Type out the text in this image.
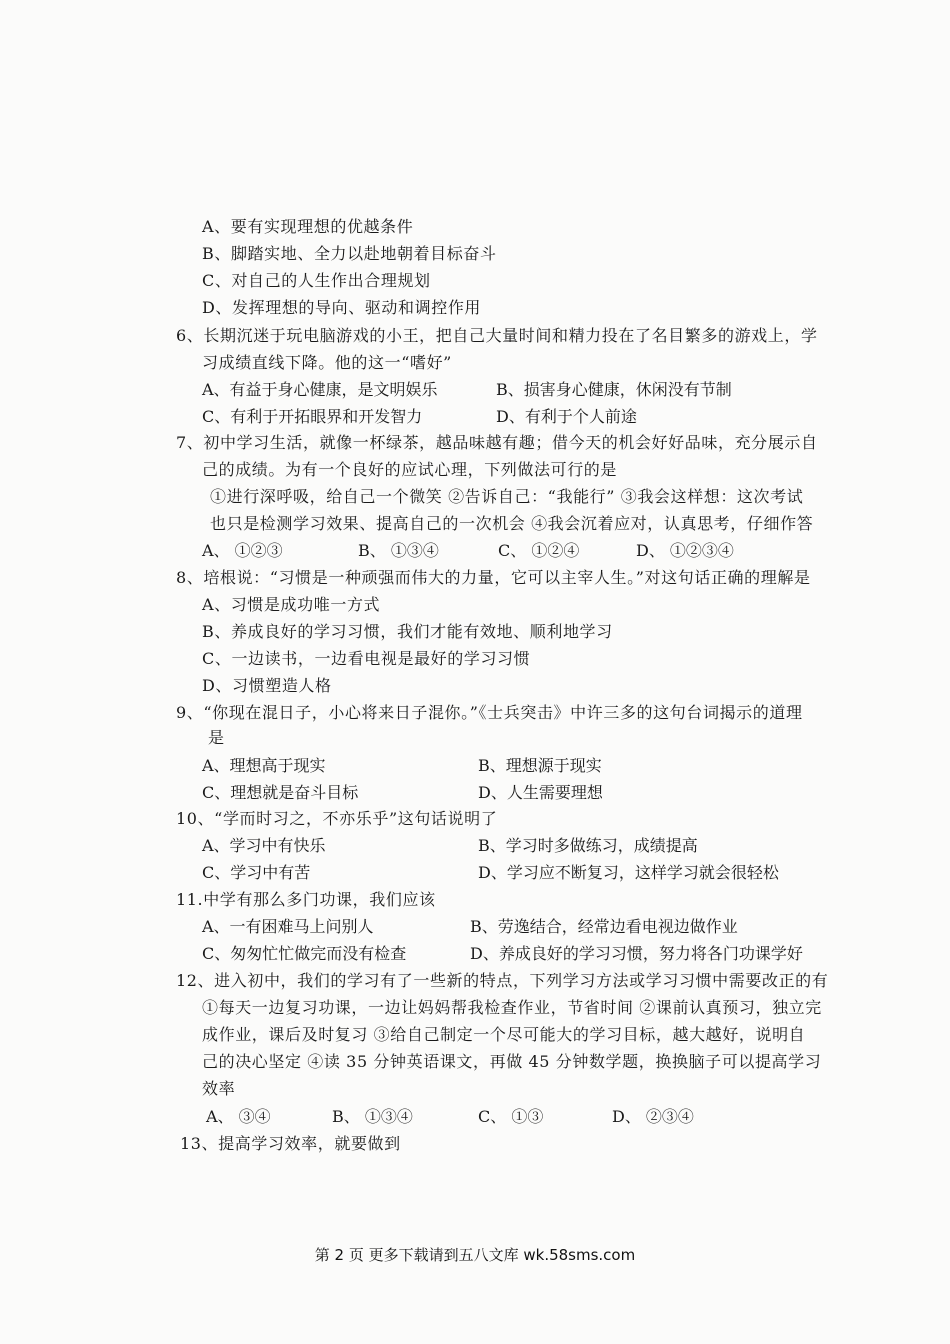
A、要有实现理想的优越条件
B、脚踏实地、全力以赴地朝着目标奋斗
C、对自己的人生作出合理规划
D、发挥理想的导向、驱动和调控作用
6、长期沉迷于玩电脑游戏的小王，把自己大量时间和精力投在了名目繁多的游戏上，学
习成绩直线下降。他的这一“嗜好”
A、有益于身心健康，是文明娱乐	B、损害身心健康，休闲没有节制
C、有利于开拓眼界和开发智力	D、有利于个人前途
7、初中学习生活，就像一杯绿茶，越品味越有趣；借今天的机会好好品味，充分展示自
己的成绩。为有一个良好的应试心理，下列做法可行的是
①进行深呼吸，给自己一个微笑 ②告诉自己：“我能行” ③我会这样想：这次考试
也只是检测学习效果、提高自己的一次机会 ④我会沉着应对，认真思考，仔细作答
A、 ①②③	B、 ①③④	C、 ①②④	D、 ①②③④
8、培根说：“习惯是一种顽强而伟大的力量，它可以主宰人生。”对这句话正确的理解是
A、习惯是成功唯一方式
B、养成良好的学习习惯，我们才能有效地、顺利地学习
C、一边读书，一边看电视是最好的学习习惯
D、习惯塑造人格
9、“你现在混日子，小心将来日子混你。”《士兵突击》中许三多的这句台词揭示的道理
是
A、理想高于现实	B、理想源于现实
C、理想就是奋斗目标	D、人生需要理想
10、“学而时习之，不亦乐乎”这句话说明了
A、学习中有快乐	B、学习时多做练习，成绩提高
C、学习中有苦	D、学习应不断复习，这样学习就会很轻松
11.中学有那么多门功课，我们应该
A、一有困难马上问别人	B、劳逸结合，经常边看电视边做作业
C、匆匆忙忙做完而没有检查	D、养成良好的学习习惯，努力将各门功课学好
12、进入初中，我们的学习有了一些新的特点，下列学习方法或学习习惯中需要改正的有
①每天一边复习功课，一边让妈妈帮我检查作业，节省时间 ②课前认真预习，独立完
成作业，课后及时复习 ③给自己制定一个尽可能大的学习目标，越大越好，说明自
己的决心坚定 ④读 35 分钟英语课文，再做 45 分钟数学题，换换脑子可以提高学习
效率
A、 ③④	B、 ①③④	C、 ①③	D、 ②③④
13、提高学习效率，就要做到
第 2 页 更多下载请到五八文库 wk.58sms.com
